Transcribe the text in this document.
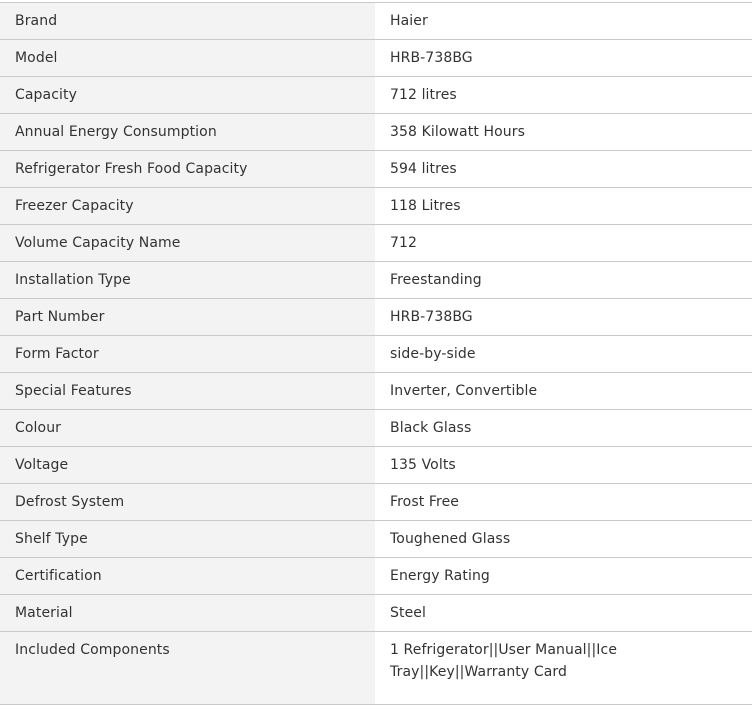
Brand	Haier
Model	HRB-738BG
Capacity	712 litres
Annual Energy Consumption	358 Kilowatt Hours
Refrigerator Fresh Food Capacity	594 litres
Freezer Capacity	118 Litres
Volume Capacity Name	712
Installation Type	Freestanding
Part Number	HRB-738BG
Form Factor	side-by-side
Special Features	Inverter, Convertible
Colour	Black Glass
Voltage	135 Volts
Defrost System	Frost Free
Shelf Type	Toughened Glass
Certification	Energy Rating
Material	Steel
Included Components	1 Refrigerator||User Manual||Ice Tray||Key||Warranty Card
